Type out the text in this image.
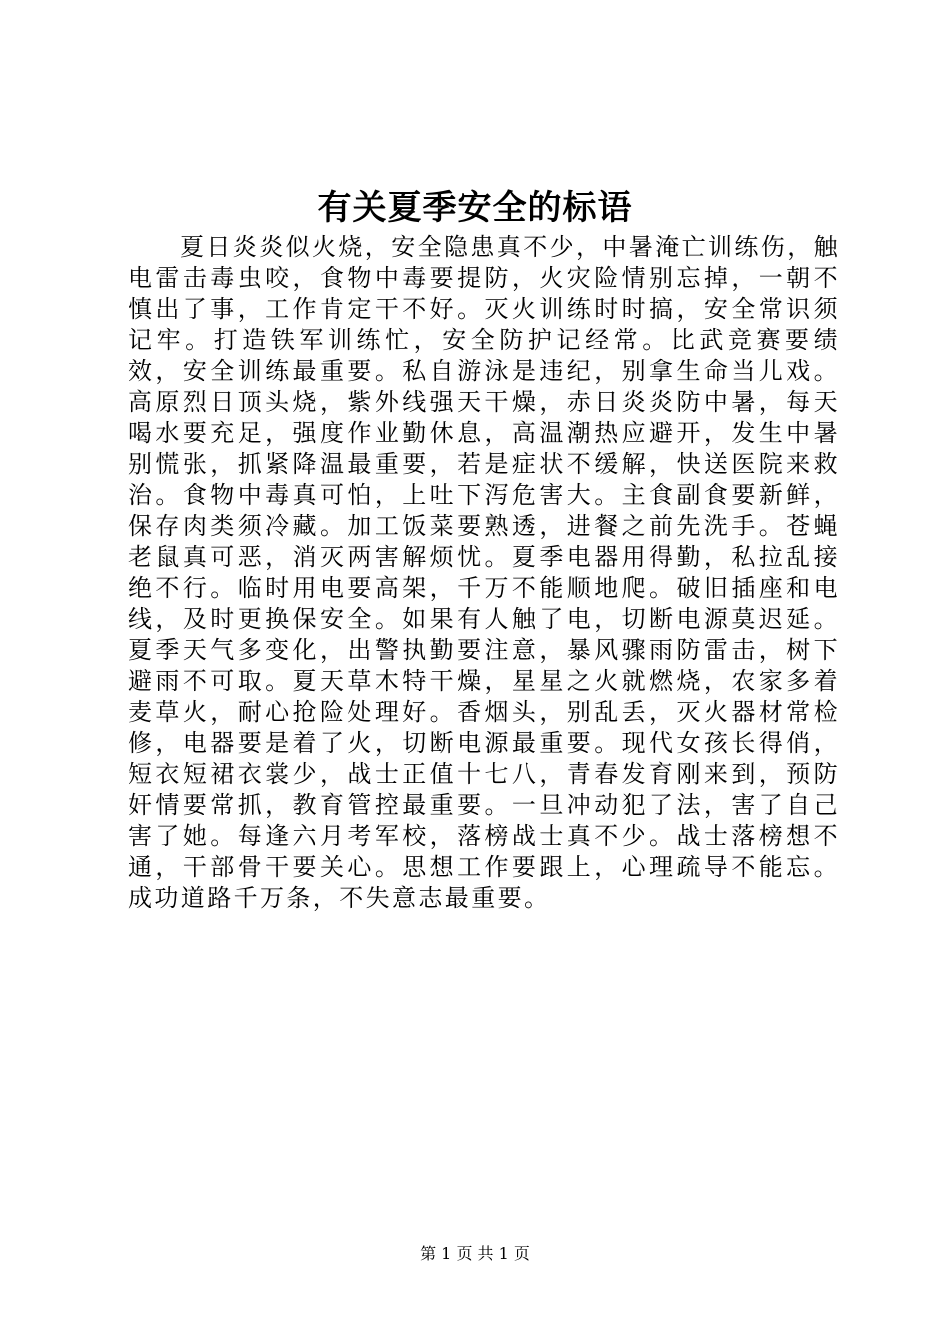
有关夏季安全的标语

夏日炎炎似火烧，安全隐患真不少，中暑淹亡训练伤，触电雷击毒虫咬，食物中毒要提防，火灾险情别忘掉，一朝不慎出了事，工作肯定干不好。灭火训练时时搞，安全常识须记牢。打造铁军训练忙，安全防护记经常。比武竞赛要绩效，安全训练最重要。私自游泳是违纪，别拿生命当儿戏。高原烈日顶头烧，紫外线强天干燥，赤日炎炎防中暑，每天喝水要充足，强度作业勤休息，高温潮热应避开，发生中暑别慌张，抓紧降温最重要，若是症状不缓解，快送医院来救治。食物中毒真可怕，上吐下泻危害大。主食副食要新鲜，保存肉类须冷藏。加工饭菜要熟透，进餐之前先洗手。苍蝇老鼠真可恶，消灭两害解烦忧。夏季电器用得勤，私拉乱接绝不行。临时用电要高架，千万不能顺地爬。破旧插座和电线，及时更换保安全。如果有人触了电，切断电源莫迟延。夏季天气多变化，出警执勤要注意，暴风骤雨防雷击，树下避雨不可取。夏天草木特干燥，星星之火就燃烧，农家多着麦草火，耐心抢险处理好。香烟头，别乱丢，灭火器材常检修，电器要是着了火，切断电源最重要。现代女孩长得俏，短衣短裙衣裳少，战士正值十七八，青春发育刚来到，预防奸情要常抓，教育管控最重要。一旦冲动犯了法，害了自己害了她。每逢六月考军校，落榜战士真不少。战士落榜想不通，干部骨干要关心。思想工作要跟上，心理疏导不能忘。成功道路千万条，不失意志最重要。

第 1 页 共 1 页
